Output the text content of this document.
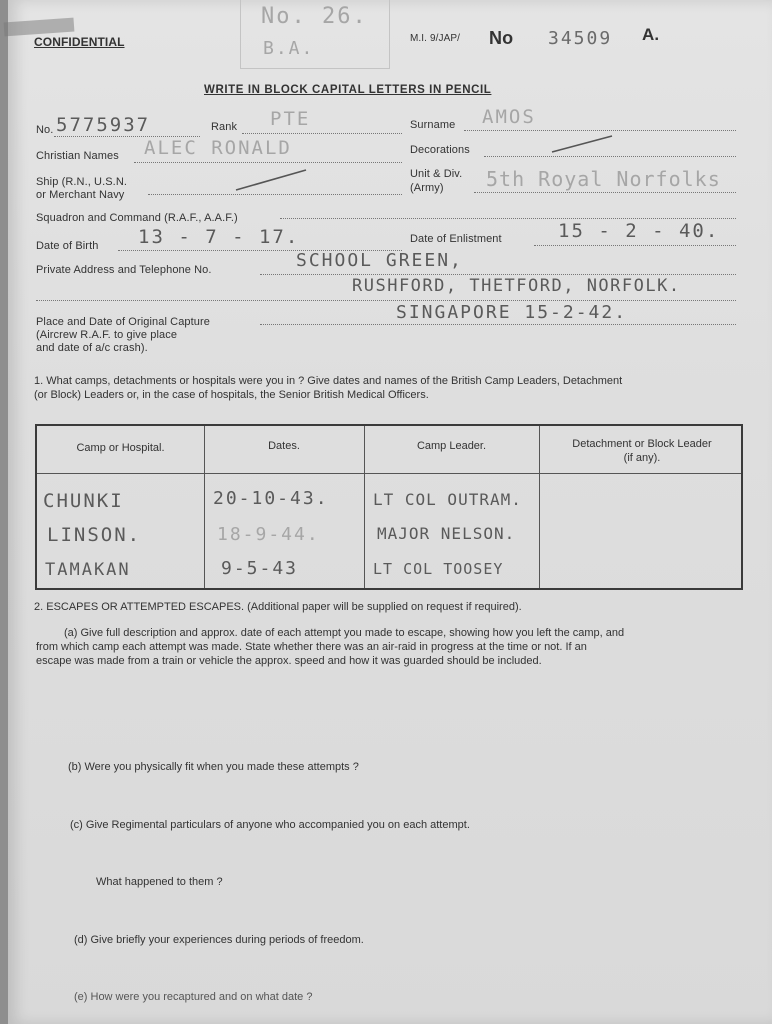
CONFIDENTIAL
No. 26.
B.A.	M.I. 9/JAP/ No 34509 A.
WRITE IN BLOCK CAPITAL LETTERS IN PENCIL
No. 5775937	Rank PTE	Surname AMOS
Christian Names ALEC RONALD	Decorations
Ship (R.N., U.S.N.
or Merchant Navy
Unit & Div.
(Army) 5th Royal Norfolks
Squadron and Command (R.A.F., A.A.F.)
Date of Birth 13 - 7 - 17.	Date of Enlistment	15 - 2 - 40.
Private Address and Telephone No.	SCHOOL GREEN,
RUSHFORD, THETFORD, NORFOLK.
Place and Date of Original Capture
(Aircrew R.A.F. to give place
and date of a/c crash).
SINGAPORE 15-2-42.
1. What camps, detachments or hospitals were you in ? Give dates and names of the British Camp Leaders, Detachment
(or Block) Leaders or, in the case of hospitals, the Senior British Medical Officers.
Camp or Hospital.	Dates.	Camp Leader.	Detachment or Block Leader (if any).
CHUNKI	20-10-43.	LT COL OUTRAM.
LINSON.	18-9-44.	MAJOR NELSON.
TAMAKAN	9-5-43	LT COL TOOSEY
2. ESCAPES OR ATTEMPTED ESCAPES. (Additional paper will be supplied on request if required).
(a) Give full description and approx. date of each attempt you made to escape, showing how you left the camp, and
from which camp each attempt was made. State whether there was an air-raid in progress at the time or not. If an
escape was made from a train or vehicle the approx. speed and how it was guarded should be included.
(b) Were you physically fit when you made these attempts ?
(c) Give Regimental particulars of anyone who accompanied you on each attempt.
What happened to them ?
(d) Give briefly your experiences during periods of freedom.
(e) How were you recaptured and on what date ?
